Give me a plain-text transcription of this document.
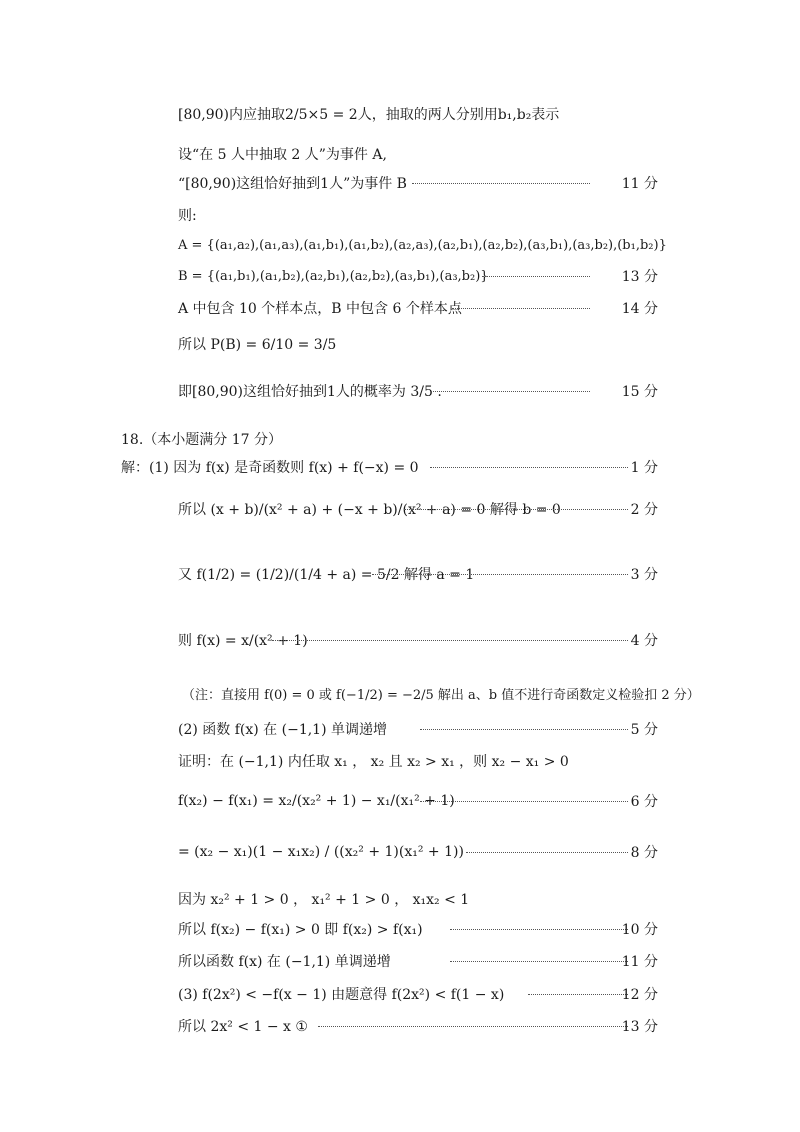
[80,90)内应抽取2/5×5 = 2人，抽取的两人分别用b₁,b₂表示
设“在 5 人中抽取 2 人”为事件 A,
“[80,90)这组恰好抽到1人”为事件 B	11 分
则:
A = {(a₁,a₂),(a₁,a₃),(a₁,b₁),(a₁,b₂),(a₂,a₃),(a₂,b₁),(a₂,b₂),(a₃,b₁),(a₃,b₂),(b₁,b₂)}
B = {(a₁,b₁),(a₁,b₂),(a₂,b₁),(a₂,b₂),(a₃,b₁),(a₃,b₂)}	13 分
A 中包含 10 个样本点，B 中包含 6 个样本点	14 分
所以 P(B) = 6/10 = 3/5
即[80,90)这组恰好抽到1人的概率为 3/5 .	15 分
18.（本小题满分 17 分）
解：(1) 因为 f(x) 是奇函数则 f(x) + f(−x) = 0	1 分
所以 (x + b)/(x² + a) + (−x + b)/(x² + a) = 0 解得 b = 0	2 分
又 f(1/2) = (1/2)/(1/4 + a) = 5/2 解得 a = 1	3 分
则 f(x) = x/(x² + 1)	4 分
（注：直接用 f(0) = 0 或 f(−1/2) = −2/5 解出 a、b 值不进行奇函数定义检验扣 2 分）
(2) 函数 f(x) 在 (−1,1) 单调递增	5 分
证明：在 (−1,1) 内任取 x₁ ， x₂ 且 x₂ > x₁ ，则 x₂ − x₁ > 0
f(x₂) − f(x₁) = x₂/(x₂² + 1) − x₁/(x₁² + 1)	6 分
= (x₂ − x₁)(1 − x₁x₂) / ((x₂² + 1)(x₁² + 1))	8 分
因为 x₂² + 1 > 0 ， x₁² + 1 > 0 ， x₁x₂ < 1
所以 f(x₂) − f(x₁) > 0 即 f(x₂) > f(x₁)	10 分
所以函数 f(x) 在 (−1,1) 单调递增	11 分
(3) f(2x²) < −f(x − 1) 由题意得 f(2x²) < f(1 − x)	12 分
所以 2x² < 1 − x ①	13 分
